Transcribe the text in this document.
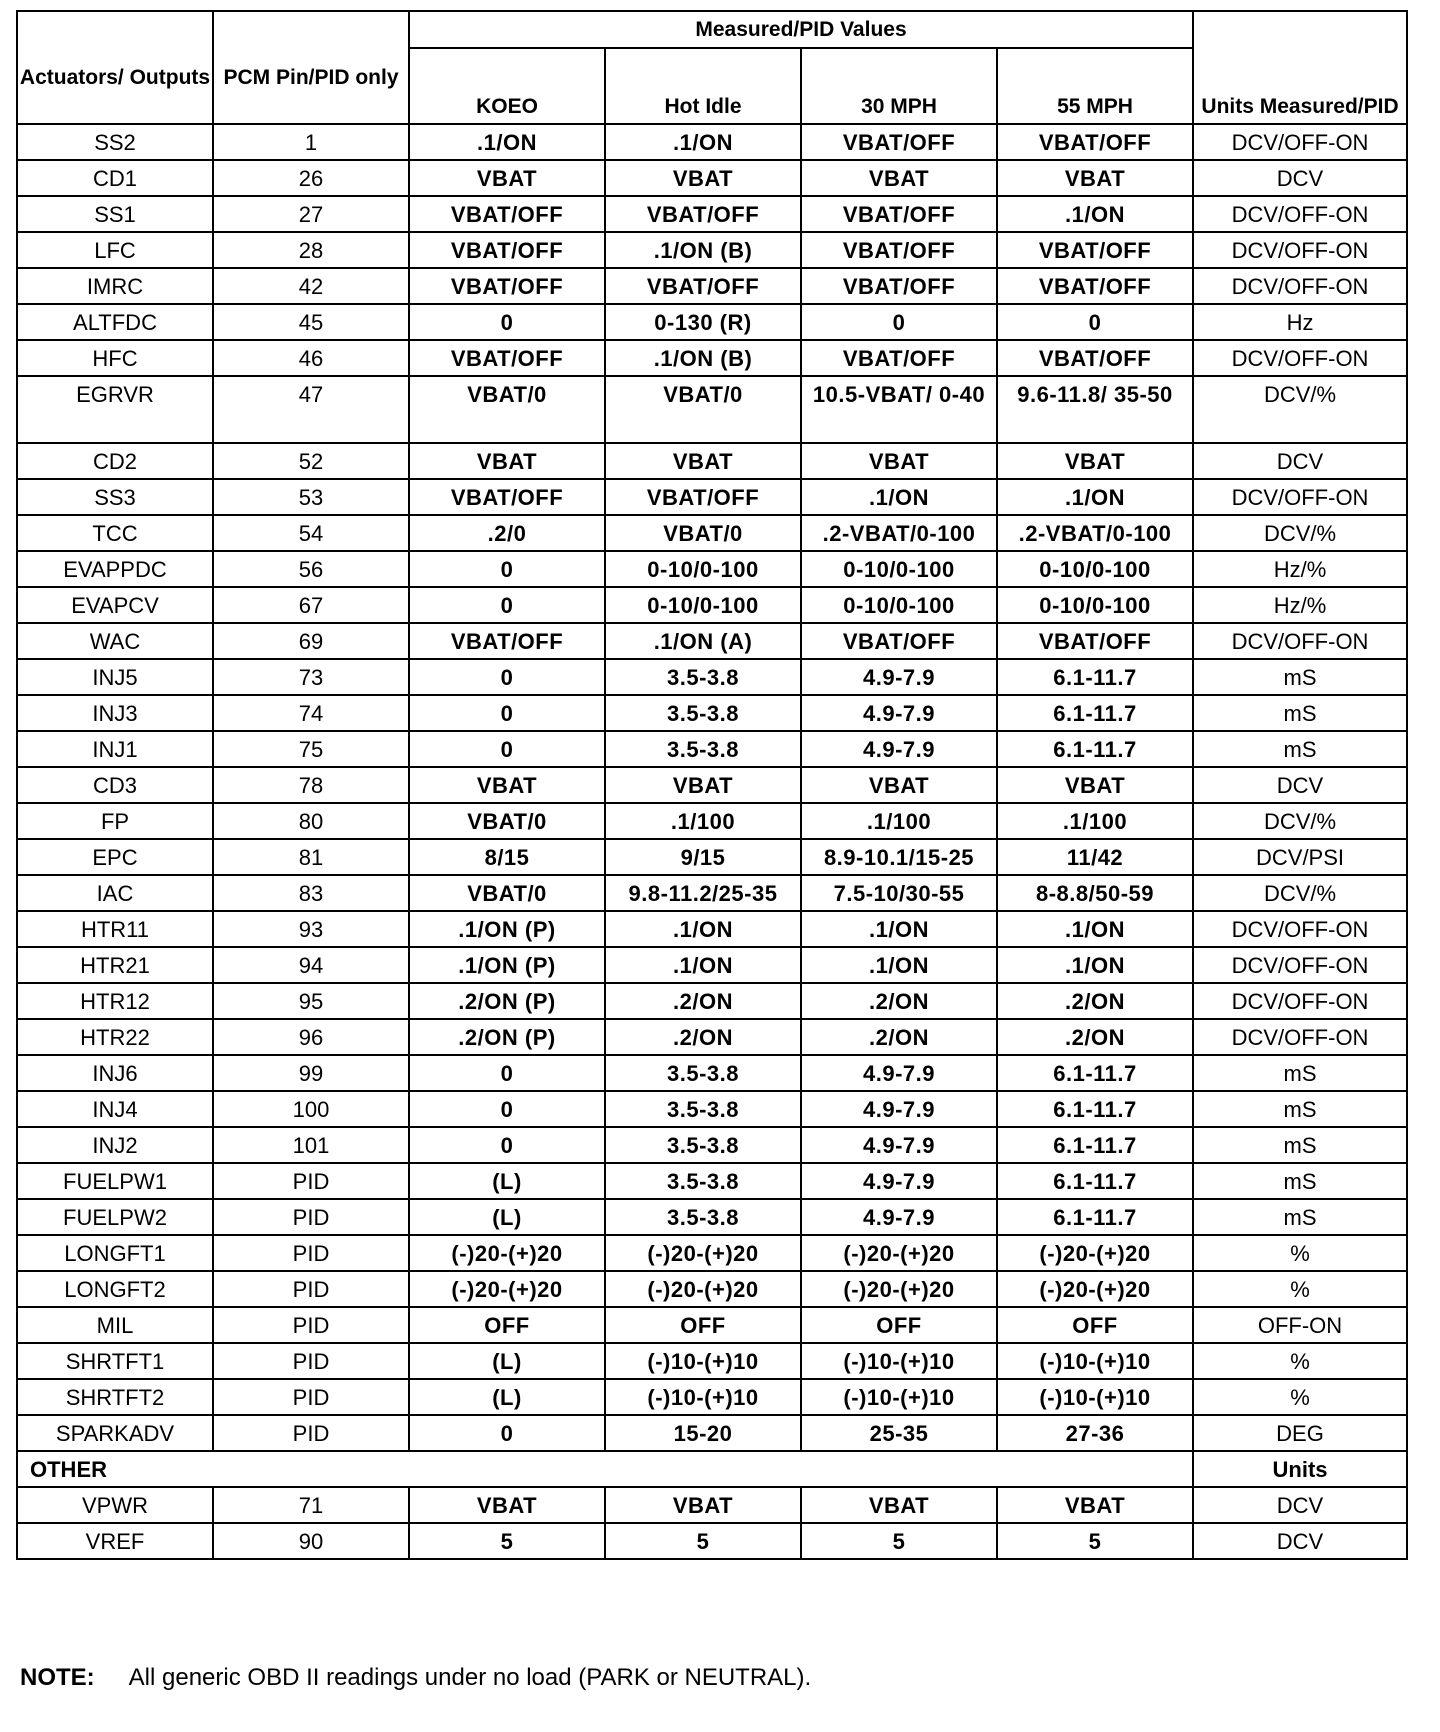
Actuators/ Outputs	PCM Pin/PID only	Measured/PID Values				Units Measured/PID
		KOEO	Hot Idle	30 MPH	55 MPH	
SS2	1	.1/ON	.1/ON	VBAT/OFF	VBAT/OFF	DCV/OFF-ON
CD1	26	VBAT	VBAT	VBAT	VBAT	DCV
SS1	27	VBAT/OFF	VBAT/OFF	VBAT/OFF	.1/ON	DCV/OFF-ON
LFC	28	VBAT/OFF	.1/ON (B)	VBAT/OFF	VBAT/OFF	DCV/OFF-ON
IMRC	42	VBAT/OFF	VBAT/OFF	VBAT/OFF	VBAT/OFF	DCV/OFF-ON
ALTFDC	45	0	0-130 (R)	0	0	Hz
HFC	46	VBAT/OFF	.1/ON (B)	VBAT/OFF	VBAT/OFF	DCV/OFF-ON
EGRVR	47	VBAT/0	VBAT/0	10.5-VBAT/ 0-40	9.6-11.8/ 35-50	DCV/%
CD2	52	VBAT	VBAT	VBAT	VBAT	DCV
SS3	53	VBAT/OFF	VBAT/OFF	.1/ON	.1/ON	DCV/OFF-ON
TCC	54	.2/0	VBAT/0	.2-VBAT/0-100	.2-VBAT/0-100	DCV/%
EVAPPDC	56	0	0-10/0-100	0-10/0-100	0-10/0-100	Hz/%
EVAPCV	67	0	0-10/0-100	0-10/0-100	0-10/0-100	Hz/%
WAC	69	VBAT/OFF	.1/ON (A)	VBAT/OFF	VBAT/OFF	DCV/OFF-ON
INJ5	73	0	3.5-3.8	4.9-7.9	6.1-11.7	mS
INJ3	74	0	3.5-3.8	4.9-7.9	6.1-11.7	mS
INJ1	75	0	3.5-3.8	4.9-7.9	6.1-11.7	mS
CD3	78	VBAT	VBAT	VBAT	VBAT	DCV
FP	80	VBAT/0	.1/100	.1/100	.1/100	DCV/%
EPC	81	8/15	9/15	8.9-10.1/15-25	11/42	DCV/PSI
IAC	83	VBAT/0	9.8-11.2/25-35	7.5-10/30-55	8-8.8/50-59	DCV/%
HTR11	93	.1/ON (P)	.1/ON	.1/ON	.1/ON	DCV/OFF-ON
HTR21	94	.1/ON (P)	.1/ON	.1/ON	.1/ON	DCV/OFF-ON
HTR12	95	.2/ON (P)	.2/ON	.2/ON	.2/ON	DCV/OFF-ON
HTR22	96	.2/ON (P)	.2/ON	.2/ON	.2/ON	DCV/OFF-ON
INJ6	99	0	3.5-3.8	4.9-7.9	6.1-11.7	mS
INJ4	100	0	3.5-3.8	4.9-7.9	6.1-11.7	mS
INJ2	101	0	3.5-3.8	4.9-7.9	6.1-11.7	mS
FUELPW1	PID	(L)	3.5-3.8	4.9-7.9	6.1-11.7	mS
FUELPW2	PID	(L)	3.5-3.8	4.9-7.9	6.1-11.7	mS
LONGFT1	PID	(-)20-(+)20	(-)20-(+)20	(-)20-(+)20	(-)20-(+)20	%
LONGFT2	PID	(-)20-(+)20	(-)20-(+)20	(-)20-(+)20	(-)20-(+)20	%
MIL	PID	OFF	OFF	OFF	OFF	OFF-ON
SHRTFT1	PID	(L)	(-)10-(+)10	(-)10-(+)10	(-)10-(+)10	%
SHRTFT2	PID	(L)	(-)10-(+)10	(-)10-(+)10	(-)10-(+)10	%
SPARKADV	PID	0	15-20	25-35	27-36	DEG
OTHER						Units
VPWR	71	VBAT	VBAT	VBAT	VBAT	DCV
VREF	90	5	5	5	5	DCV
NOTE: All generic OBD II readings under no load (PARK or NEUTRAL).
